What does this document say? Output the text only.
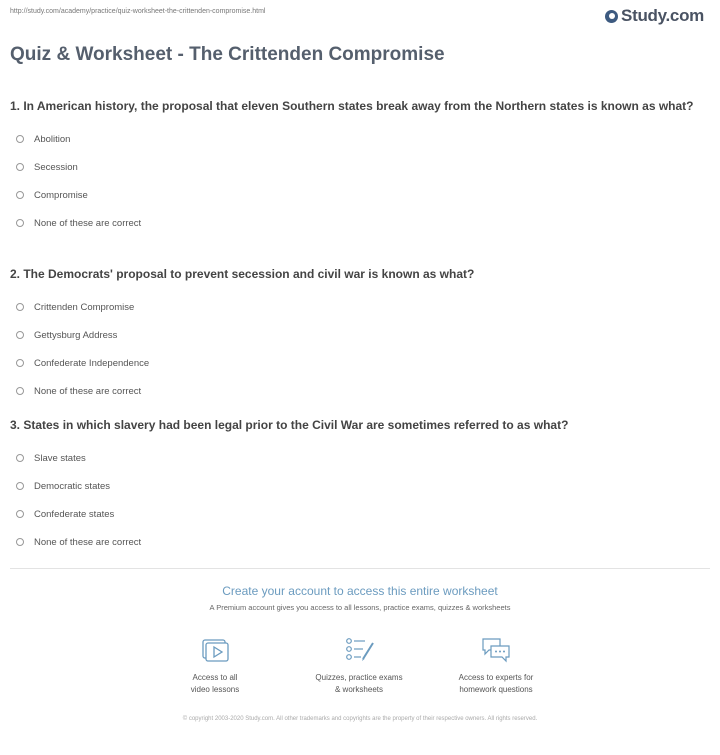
http://study.com/academy/practice/quiz-worksheet-the-crittenden-compromise.html	Study.com
Quiz & Worksheet - The Crittenden Compromise

1. In American history, the proposal that eleven Southern states break away from the Northern states is known as what?

Abolition
Secession
Compromise
None of these are correct

2. The Democrats' proposal to prevent secession and civil war is known as what?

Crittenden Compromise
Gettysburg Address
Confederate Independence
None of these are correct

3. States in which slavery had been legal prior to the Civil War are sometimes referred to as what?

Slave states
Democratic states
Confederate states
None of these are correct
Create your account to access this entire worksheet
A Premium account gives you access to all lessons, practice exams, quizzes & worksheets
Access to all
video lessons
Quizzes, practice exams
& worksheets
Access to experts for
homework questions
© copyright 2003-2020 Study.com. All other trademarks and copyrights are the property of their respective owners. All rights reserved.
